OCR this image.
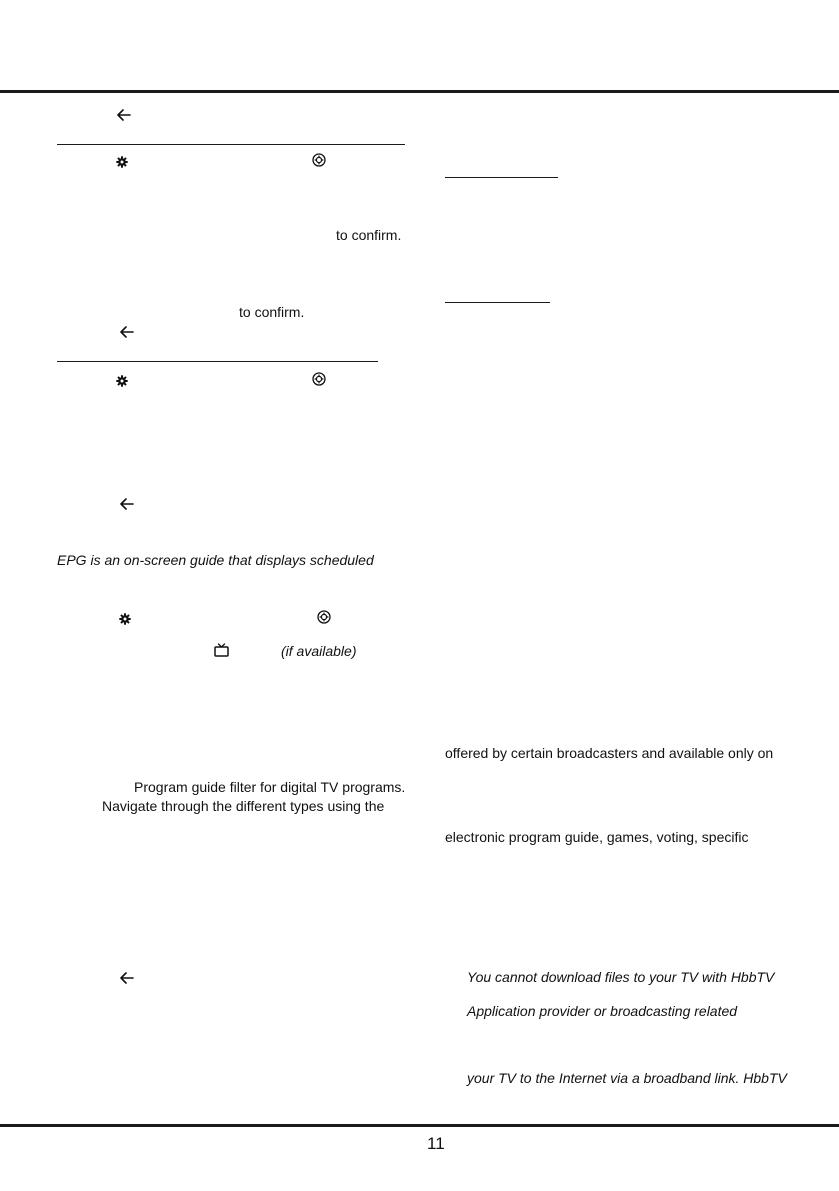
to confirm.
to confirm.
EPG is an on-screen guide that displays scheduled
(if available)
Program guide filter for digital TV programs.
Navigate through the different types using the
offered by certain broadcasters and available only on
electronic program guide, games, voting, specific
You cannot download files to your TV with HbbTV
Application provider or broadcasting related
your TV to the Internet via a broadband link. HbbTV
11
